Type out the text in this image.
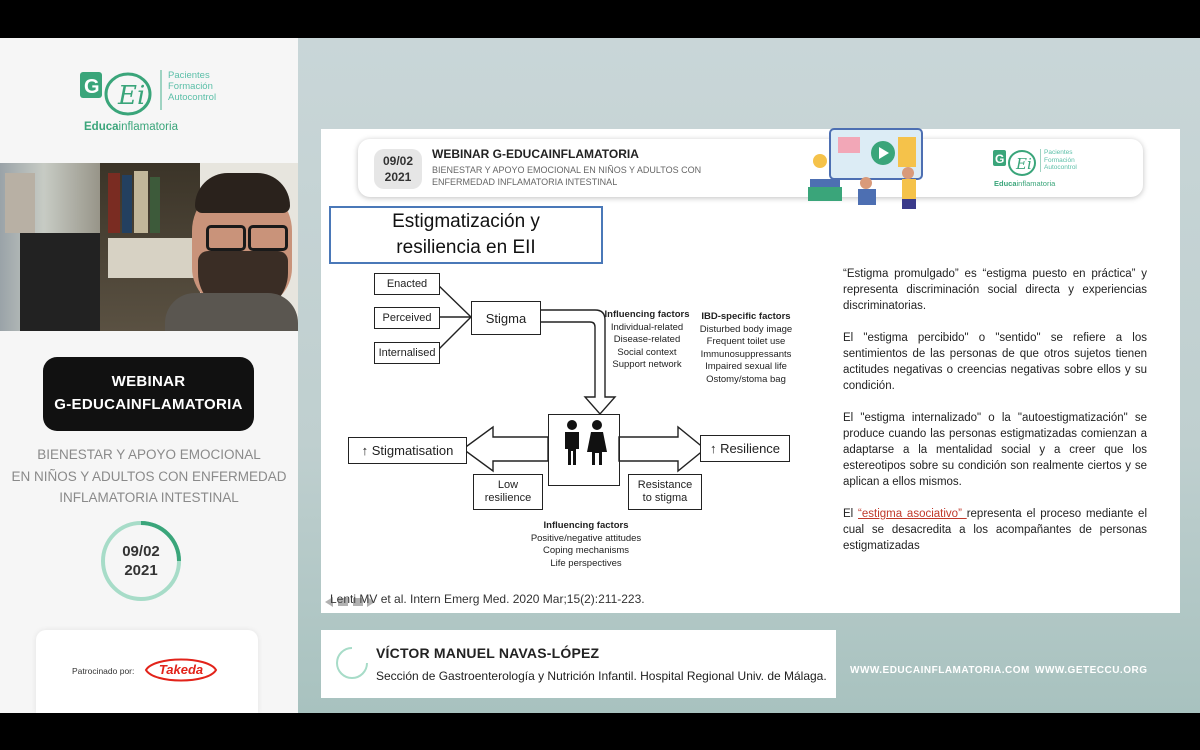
G Ei
Pacientes
Formación
Autocontrol
Educainflamatoria
WEBINAR
G-EDUCAINFLAMATORIA
BIENESTAR Y APOYO EMOCIONAL
EN NIÑOS Y ADULTOS CON ENFERMEDAD
INFLAMATORIA INTESTINAL
09/02
2021
Patrocinado por:	Takeda
09/02
2021
WEBINAR G-EDUCAINFLAMATORIA
BIENESTAR Y APOYO EMOCIONAL EN NIÑOS Y ADULTOS CON
ENFERMEDAD INFLAMATORIA INTESTINAL
G Ei
Pacientes
Formación
Autocontrol
Educainflamatoria
Estigmatización y
resiliencia en EII
Enacted
Perceived
Internalised
Stigma	Influencing factors
Individual-related
Disease-related
Social context
Support network
IBD-specific factors
Disturbed body image
Frequent toilet use
Immunosuppressants
Impaired sexual life
Ostomy/stoma bag
↑ Stigmatisation	↑ Resilience
Low
resilience
Resistance
to stigma
Influencing factors
Positive/negative attitudes
Coping mechanisms
Life perspectives
Lenti MV et al. Intern Emerg Med. 2020 Mar;15(2):211-223.
“Estigma promulgado” es “estigma puesto en práctica” y representa discriminación social directa y experiencias discriminatorias.
El "estigma percibido" o "sentido" se refiere a los sentimientos de las personas de que otros sujetos tienen actitudes negativas o creencias negativas sobre ellos y su condición.
El "estigma internalizado" o la "autoestigmatización" se produce cuando las personas estigmatizadas comienzan a adaptarse a la mentalidad social y a creer que los estereotipos sobre su condición son realmente ciertos y se aplican a ellos mismos.
El “estigma asociativo” representa el proceso mediante el cual se desacredita a los acompañantes de personas estigmatizadas
VÍCTOR MANUEL NAVAS-LÓPEZ
Sección de Gastroenterología y Nutrición Infantil. Hospital Regional Univ. de Málaga. WWW.EDUCAINFLAMATORIA.COM WWW.GETECCU.ORG
